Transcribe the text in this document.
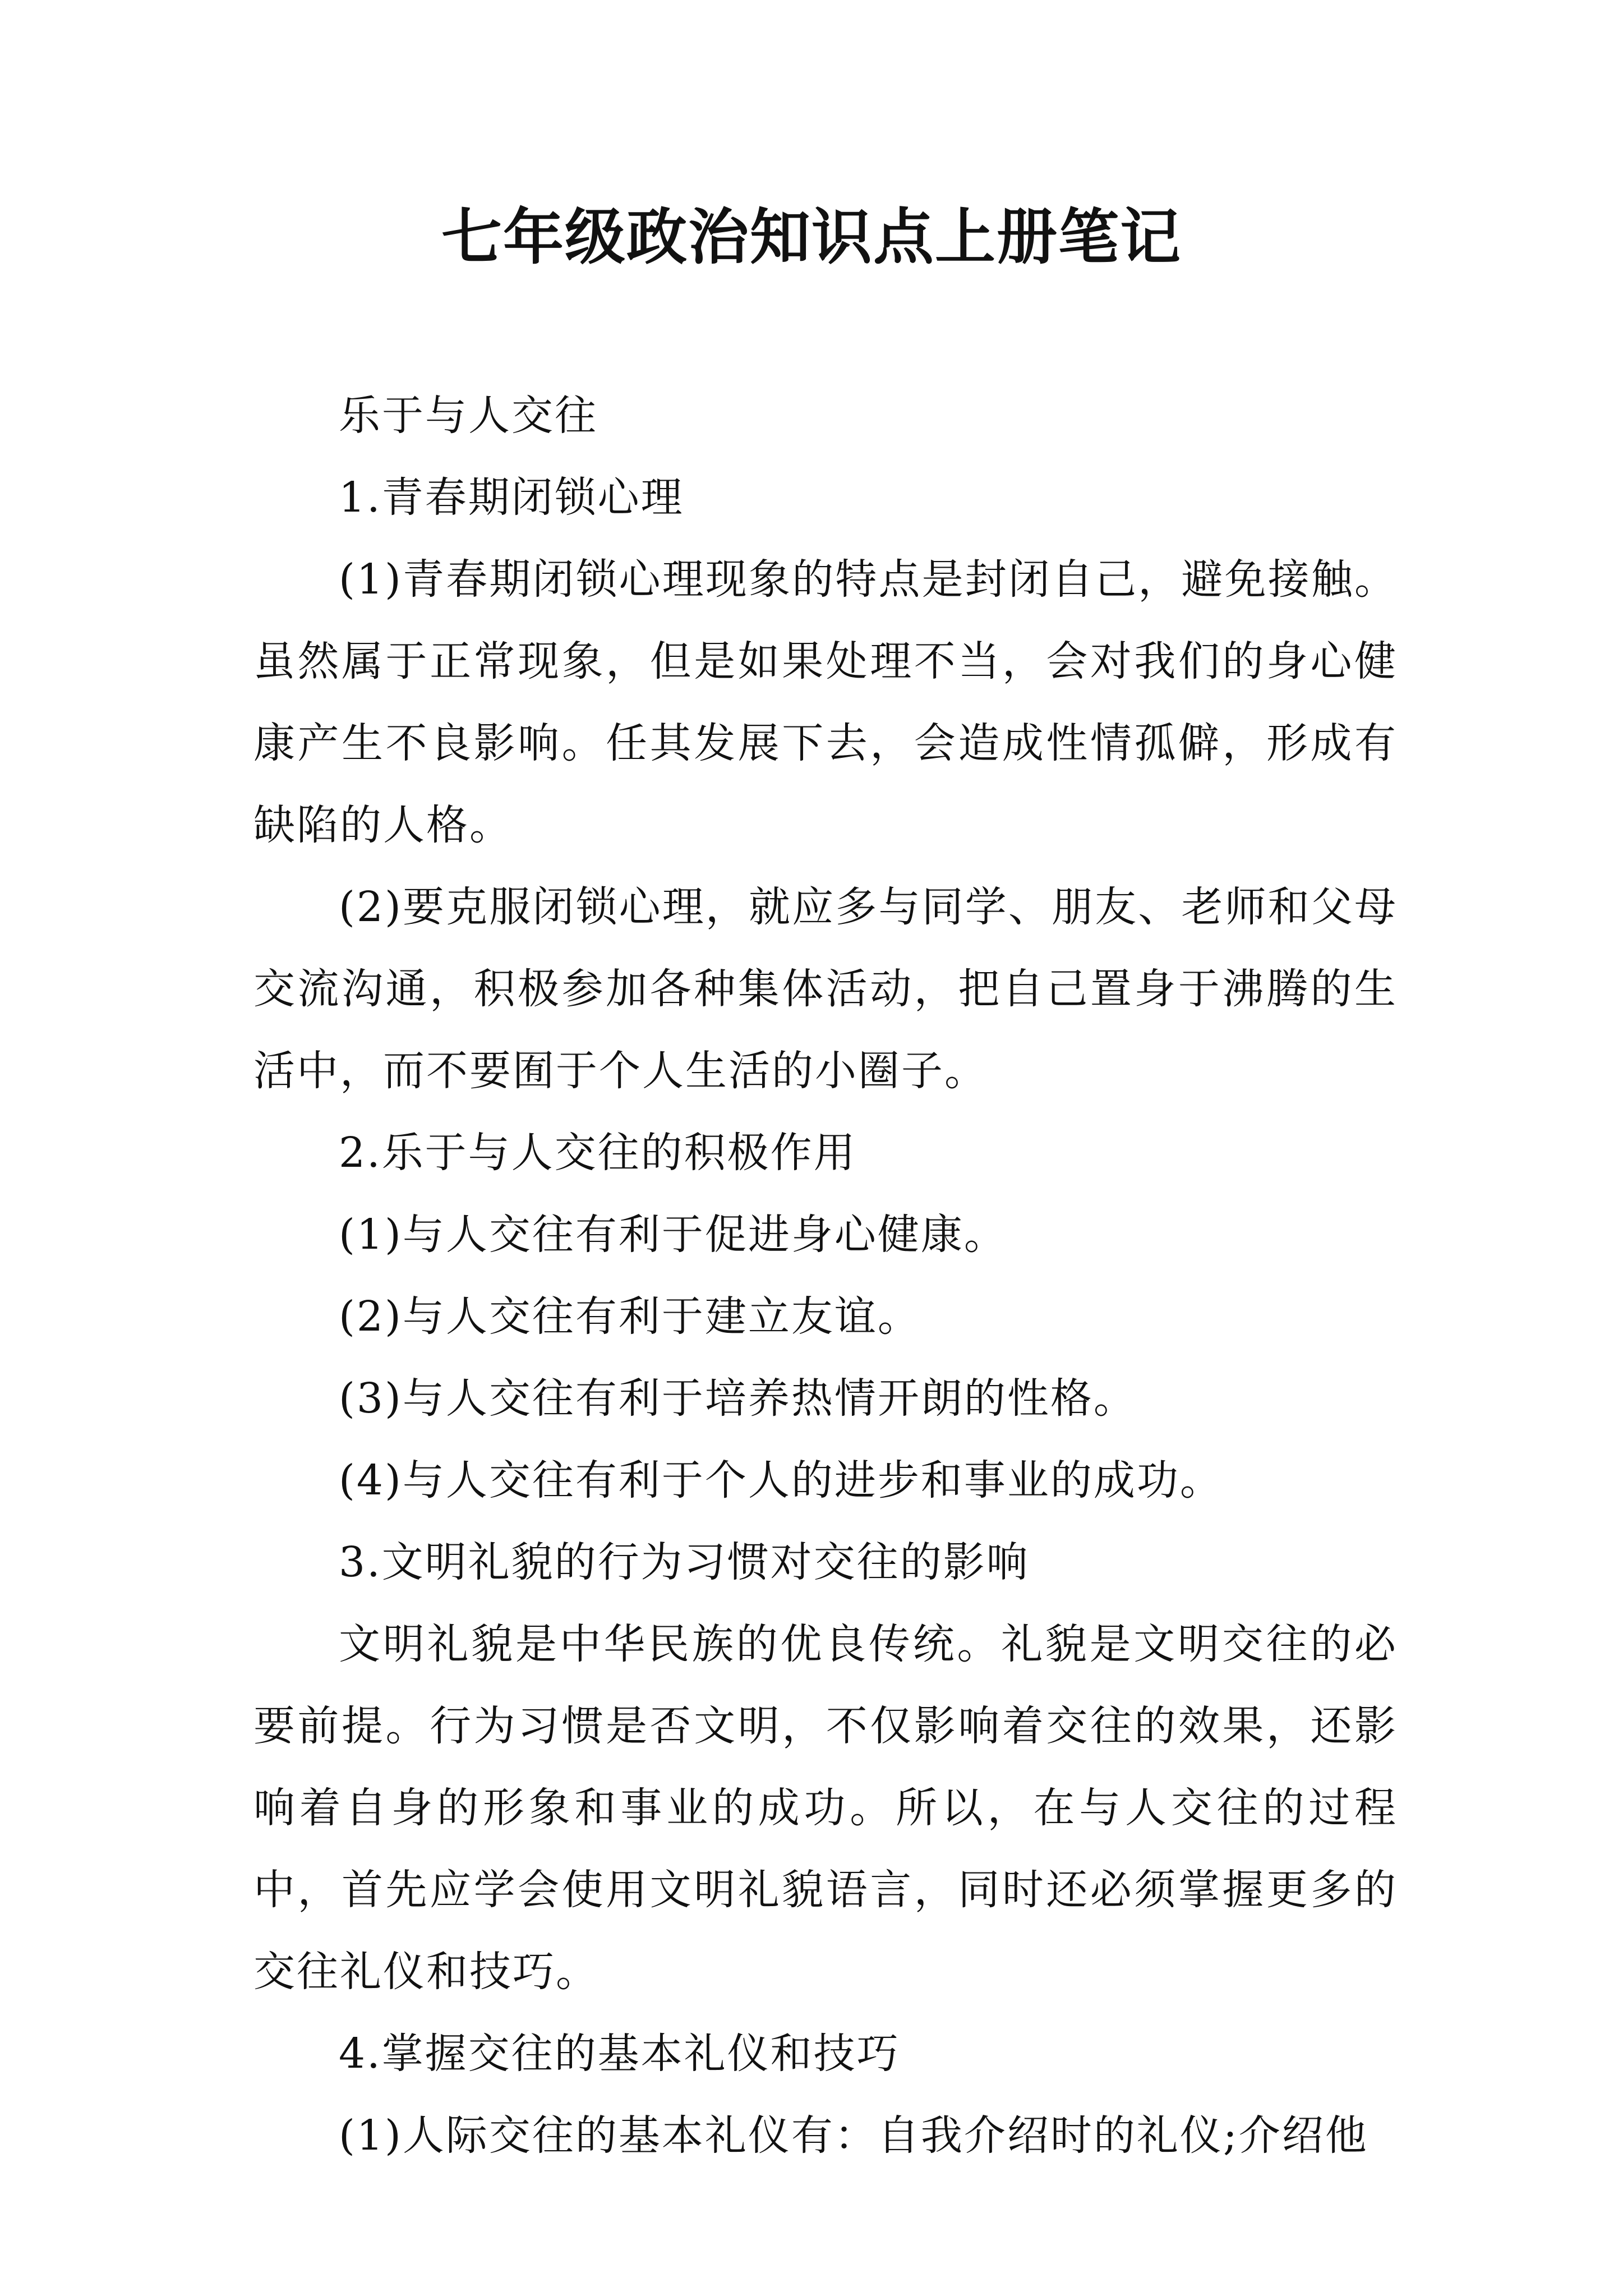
七年级政治知识点上册笔记

乐于与人交往

1.青春期闭锁心理

(1)青春期闭锁心理现象的特点是封闭自己，避免接触。虽然属于正常现象，但是如果处理不当，会对我们的身心健康产生不良影响。任其发展下去，会造成性情孤僻，形成有缺陷的人格。

(2)要克服闭锁心理，就应多与同学、朋友、老师和父母交流沟通，积极参加各种集体活动，把自己置身于沸腾的生活中，而不要囿于个人生活的小圈子。

2.乐于与人交往的积极作用

(1)与人交往有利于促进身心健康。

(2)与人交往有利于建立友谊。

(3)与人交往有利于培养热情开朗的性格。

(4)与人交往有利于个人的进步和事业的成功。

3.文明礼貌的行为习惯对交往的影响

文明礼貌是中华民族的优良传统。礼貌是文明交往的必要前提。行为习惯是否文明，不仅影响着交往的效果，还影响着自身的形象和事业的成功。所以，在与人交往的过程中，首先应学会使用文明礼貌语言，同时还必须掌握更多的交往礼仪和技巧。

4.掌握交往的基本礼仪和技巧

(1)人际交往的基本礼仪有：自我介绍时的礼仪;介绍他
